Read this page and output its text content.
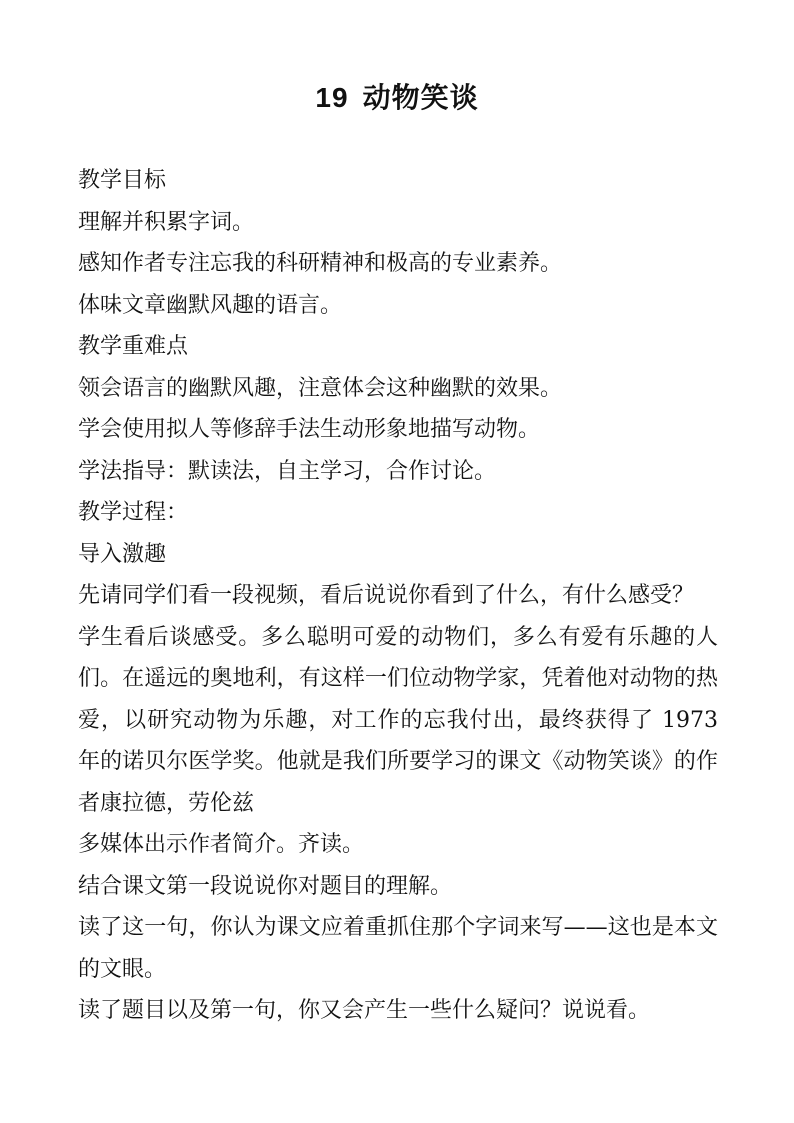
19 动物笑谈

教学目标

理解并积累字词。

感知作者专注忘我的科研精神和极高的专业素养。

体味文章幽默风趣的语言。

教学重难点

领会语言的幽默风趣，注意体会这种幽默的效果。

学会使用拟人等修辞手法生动形象地描写动物。

学法指导：默读法，自主学习，合作讨论。

教学过程：

导入激趣

先请同学们看一段视频，看后说说你看到了什么，有什么感受？

学生看后谈感受。多么聪明可爱的动物们，多么有爱有乐趣的人们。在遥远的奥地利，有这样一们位动物学家，凭着他对动物的热爱，以研究动物为乐趣，对工作的忘我付出，最终获得了 1973 年的诺贝尔医学奖。他就是我们所要学习的课文《动物笑谈》的作者康拉德，劳伦兹

多媒体出示作者简介。齐读。

结合课文第一段说说你对题目的理解。

读了这一句，你认为课文应着重抓住那个字词来写——这也是本文的文眼。

读了题目以及第一句，你又会产生一些什么疑问？说说看。
